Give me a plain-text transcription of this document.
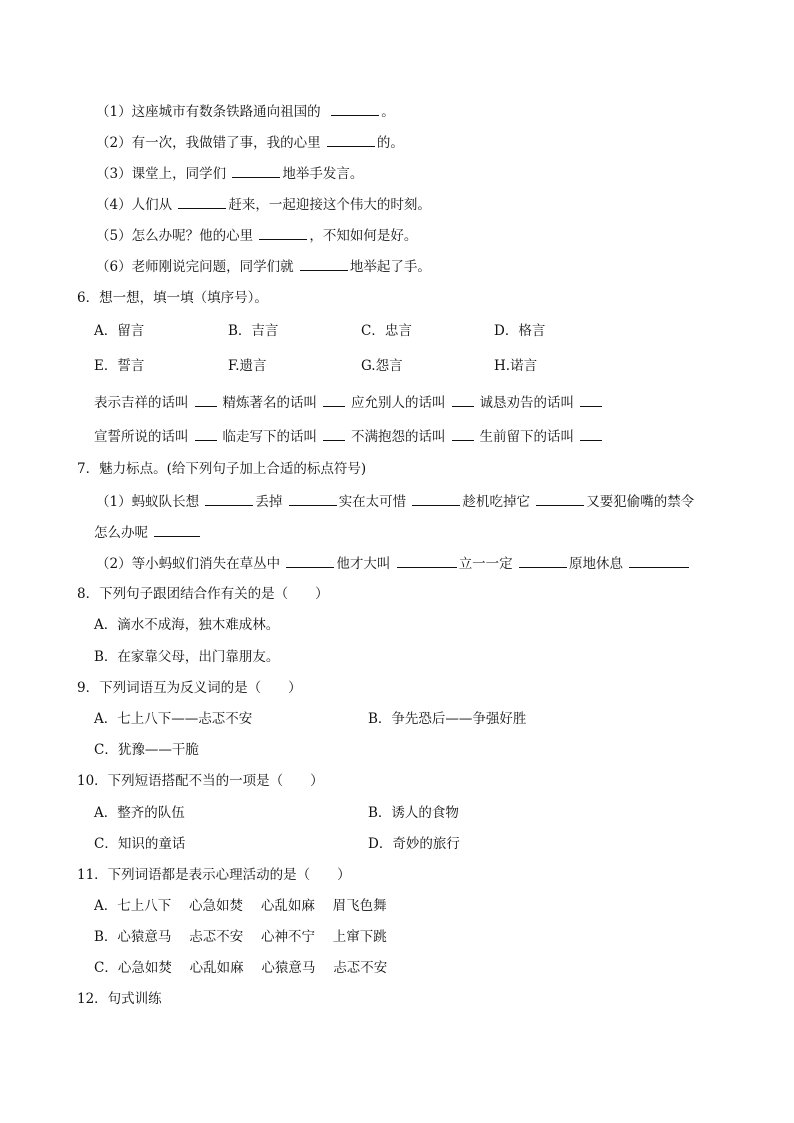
（1）这座城市有数条铁路通向祖国的	。
（2）有一次，我做错了事，我的心里	的。
（3）课堂上，同学们	地举手发言。
（4）人们从	赶来，一起迎接这个伟大的时刻。
（5）怎么办呢？他的心里	，不知如何是好。
（6）老师刚说完问题，同学们就	地举起了手。
6．想一想，填一填（填序号）。
A．留言	B．吉言	C．忠言	D．格言
E．誓言	F.遗言	G.怨言	H.诺言
表示吉祥的话叫	精炼著名的话叫	应允别人的话叫	诚恳劝告的话叫
宣誓所说的话叫	临走写下的话叫	不满抱怨的话叫	生前留下的话叫
7．魅力标点。(给下列句子加上合适的标点符号)
（1）蚂蚁队长想	丢掉	实在太可惜	趁机吃掉它	又要犯偷嘴的禁令
怎么办呢
（2）等小蚂蚁们消失在草丛中	他才大叫	立一一定	原地休息
8．下列句子跟团结合作有关的是（　　）
A．滴水不成海，独木难成林。
B．在家靠父母，出门靠朋友。
9．下列词语互为反义词的是（　　）
A．七上八下——忐忑不安	B．争先恐后——争强好胜
C．犹豫——干脆
10．下列短语搭配不当的一项是（　　）
A．整齐的队伍	B．诱人的食物
C．知识的童话	D．奇妙的旅行
11．下列词语都是表示心理活动的是（　　）
A．七上八下　 心急如焚　 心乱如麻　 眉飞色舞
B．心猿意马　 忐忑不安　 心神不宁　 上窜下跳
C．心急如焚　 心乱如麻　 心猿意马　 忐忑不安
12．句式训练
